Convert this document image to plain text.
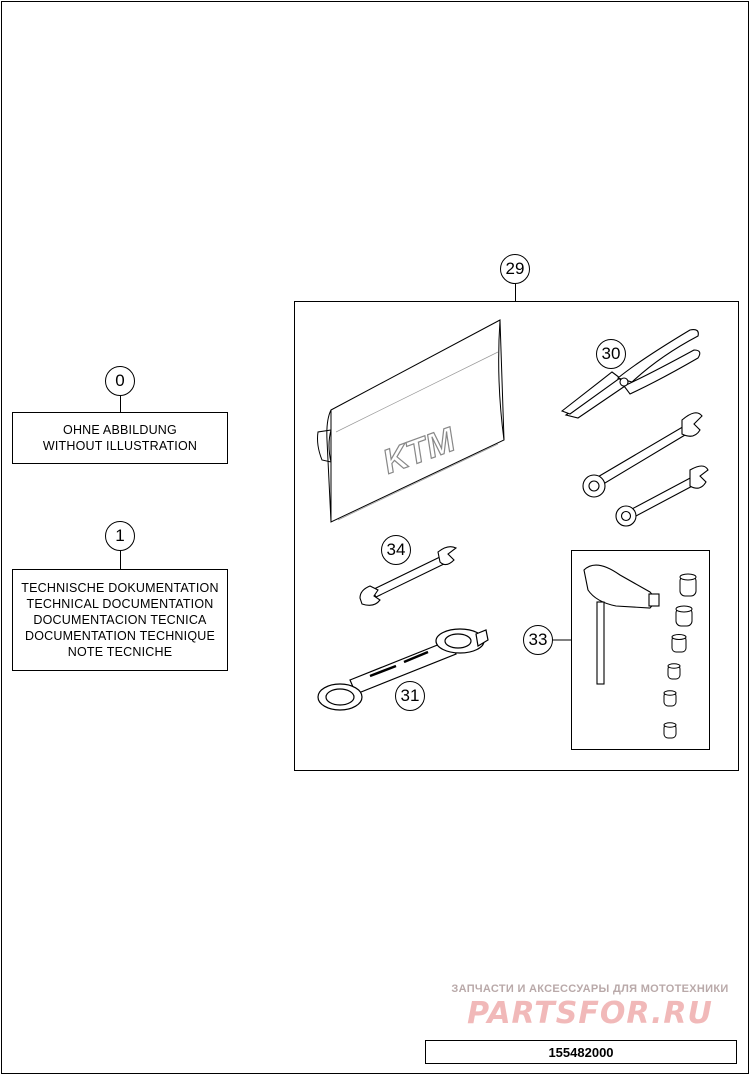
0
OHNE ABBILDUNG
WITHOUT ILLUSTRATION
1
TECHNISCHE DOKUMENTATION
TECHNICAL DOCUMENTATION
DOCUMENTACION TECNICA
DOCUMENTATION TECHNIQUE
NOTE TECNICHE
29
KTM
30
34
33
31
ЗАПЧАСТИ И АКСЕССУАРЫ ДЛЯ МОТОТЕХНИКИ
PARTSFOR.RU
155482000
